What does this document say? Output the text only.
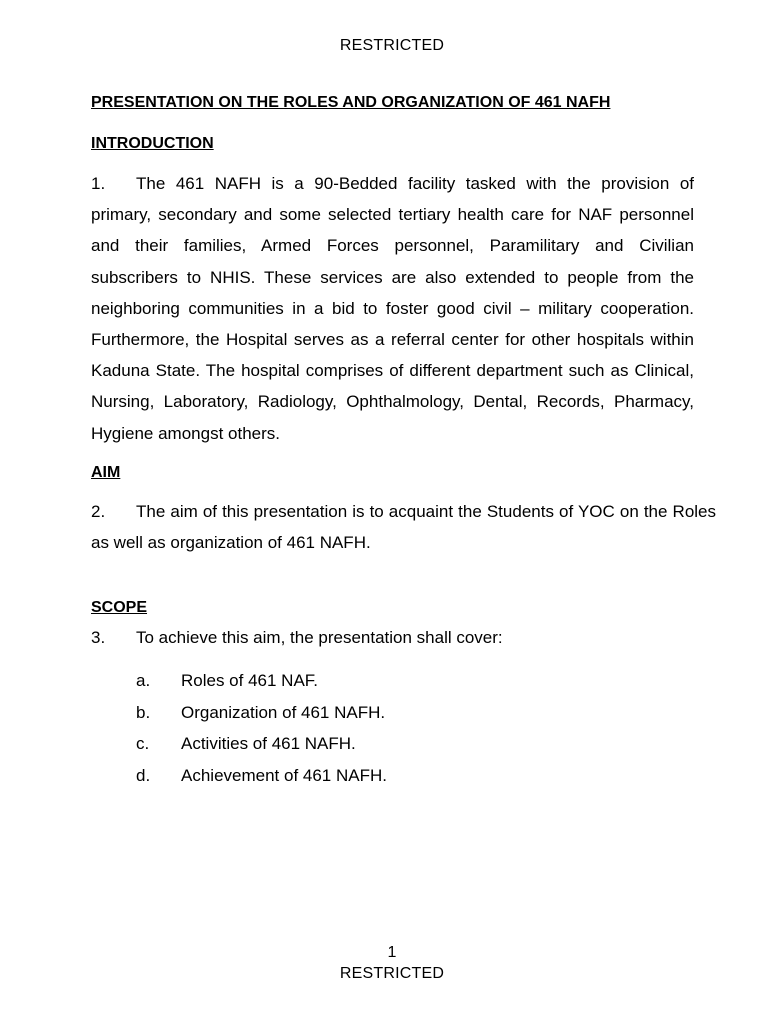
RESTRICTED

PRESENTATION ON THE ROLES AND ORGANIZATION OF 461 NAFH

INTRODUCTION

1. The 461 NAFH is a 90-Bedded facility tasked with the provision of primary, secondary and some selected tertiary health care for NAF personnel and their families, Armed Forces personnel, Paramilitary and Civilian subscribers to NHIS. These services are also extended to people from the neighboring communities in a bid to foster good civil – military cooperation. Furthermore, the Hospital serves as a referral center for other hospitals within Kaduna State. The hospital comprises of different department such as Clinical, Nursing, Laboratory, Radiology, Ophthalmology, Dental, Records, Pharmacy, Hygiene amongst others.

AIM

2. The aim of this presentation is to acquaint the Students of YOC on the Roles as well as organization of 461 NAFH.

SCOPE

3. To achieve this aim, the presentation shall cover:

a. Roles of 461 NAF.
b. Organization of 461 NAFH.
c. Activities of 461 NAFH.
d. Achievement of 461 NAFH.
1
RESTRICTED
